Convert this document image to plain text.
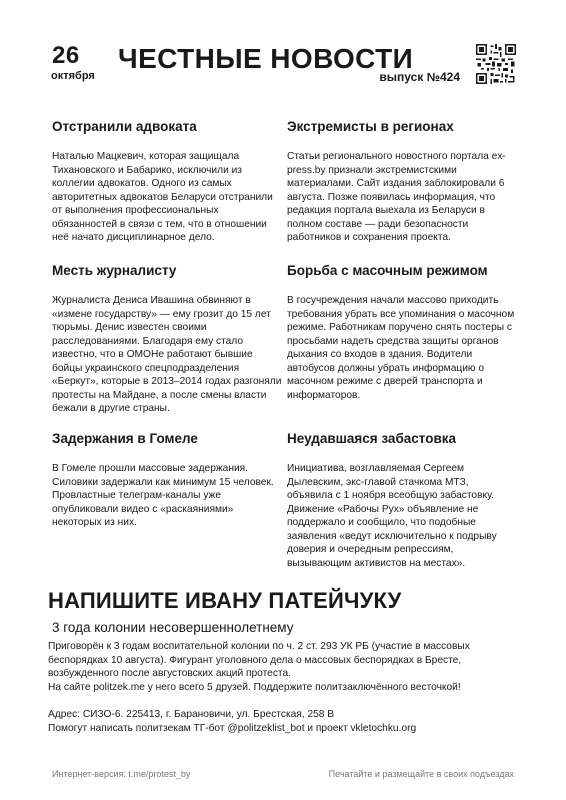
26
октября
ЧЕСТНЫЕ НОВОСТИ
выпуск №424
Отстранили адвоката

Наталью Мацкевич, которая защищала Тихановского и Бабарико, исключили из коллегии адвокатов. Одного из самых авторитетных адвокатов Беларуси отстранили от выполнения профессиональных обязанностей в связи с тем, что в отношении неё начато дисциплинарное дело.

Экстремисты в регионах

Статьи регионального новостного портала ex-press.by признали экстремистскими материалами. Сайт издания заблокировали 6 августа. Позже появилась информация, что редакция портала выехала из Беларуси в полном составе — ради безопасности работников и сохранения проекта.

Месть журналисту

Журналиста Дениса Ивашина обвиняют в «измене государству» — ему грозит до 15 лет тюрьмы. Денис известен своими расследованиями. Благодаря ему стало известно, что в ОМОНе работают бывшие бойцы украинского спецподразделения «Беркут», которые в 2013–2014 годах разгоняли протесты на Майдане, а после смены власти бежали в другие страны.

Борьба с масочным режимом

В госучреждения начали массово приходить требования убрать все упоминания о масочном режиме. Работникам поручено снять постеры с просьбами надеть средства защиты органов дыхания со входов в здания. Водители автобусов должны убрать информацию о масочном режиме с дверей транспорта и информаторов.

Задержания в Гомеле

В Гомеле прошли массовые задержания. Силовики задержали как минимум 15 человек. Провластные телеграм-каналы уже опубликовали видео с «раскаяниями» некоторых из них.

Неудавшаяся забастовка

Инициатива, возглавляемая Сергеем Дылевским, экс-главой стачкома МТЗ, объявила с 1 ноября всеобщую забастовку. Движение «Рабочы Рух» объявление не поддержало и сообщило, что подобные заявления «ведут исключительно к подрыву доверия и очередным репрессиям, вызывающим активистов на местах».

НАПИШИТЕ ИВАНУ ПАТЕЙЧУКУ
3 года колонии несовершеннолетнему
Приговорён к 3 годам воспитательной колонии по ч. 2 ст. 293 УК РБ (участие в массовых
беспорядках 10 августа). Фигурант уголовного дела о массовых беспорядках в Бресте,
возбужденного после августовских акций протеста.
На сайте politzek.me у него всего 5 друзей. Поддержите политзаключённого весточкой!
Адрес: СИЗО-6. 225413, г. Барановичи, ул. Брестская, 258 В
Помогут написать политзекам ТГ-бот @politzeklist_bot и проект vkletochku.org
Интернет-версия: t.me/protest_by	Печатайте и размещайте в своих подъездах
